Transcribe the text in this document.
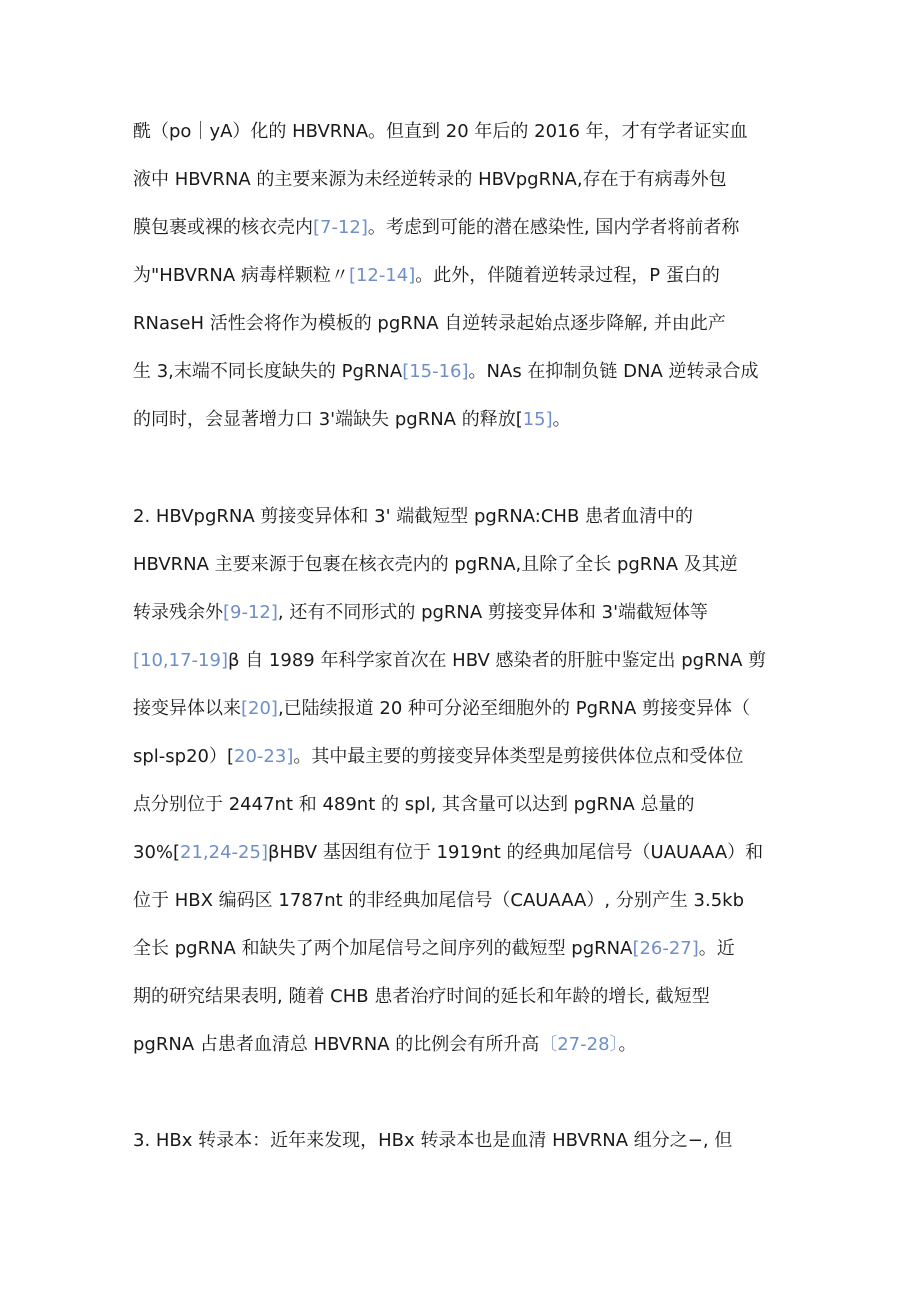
酰（po｜yA）化的 HBVRNA。但直到 20 年后的 2016 年，才有学者证实血
液中 HBVRNA 的主要来源为未经逆转录的 HBVpgRNA,存在于有病毒外包
膜包裹或裸的核衣壳内[7-12]。考虑到可能的潜在感染性, 国内学者将前者称
为"HBVRNA 病毒样颗粒〃[12-14]。此外，伴随着逆转录过程，P 蛋白的
RNaseH 活性会将作为模板的 pgRNA 自逆转录起始点逐步降解, 并由此产
生 3,末端不同长度缺失的 PgRNA[15-16]。NAs 在抑制负链 DNA 逆转录合成
的同时，会显著增力口 3'端缺失 pgRNA 的释放[15]。
2. HBVpgRNA 剪接变异体和 3' 端截短型 pgRNA:CHB 患者血清中的
HBVRNA 主要来源于包裹在核衣壳内的 pgRNA,且除了全长 pgRNA 及其逆
转录残余外[9-12], 还有不同形式的 pgRNA 剪接变异体和 3'端截短体等
[10,17-19]β 自 1989 年科学家首次在 HBV 感染者的肝脏中鉴定出 pgRNA 剪
接变异体以来[20],已陆续报道 20 种可分泌至细胞外的 PgRNA 剪接变异体（
spl-sp20）[20-23]。其中最主要的剪接变异体类型是剪接供体位点和受体位
点分别位于 2447nt 和 489nt 的 spl, 其含量可以达到 pgRNA 总量的
30%[21,24-25]βHBV 基因组有位于 1919nt 的经典加尾信号（UAUAAA）和
位于 HBX 编码区 1787nt 的非经典加尾信号（CAUAAA）, 分别产生 3.5kb
全长 pgRNA 和缺失了两个加尾信号之间序列的截短型 pgRNA[26-27]。近
期的研究结果表明, 随着 CHB 患者治疗时间的延长和年龄的增长, 截短型
pgRNA 占患者血清总 HBVRNA 的比例会有所升高〔27-28〕。
3. HBx 转录本：近年来发现，HBx 转录本也是血清 HBVRNA 组分之−, 但
